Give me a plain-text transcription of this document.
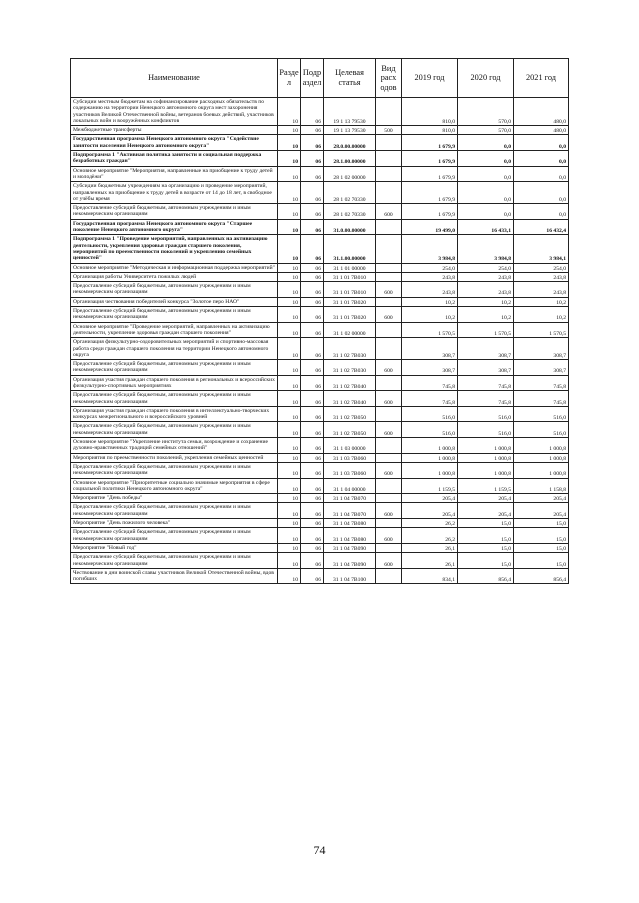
Наименование	Разде л	Подр аздел	Целевая статья	Вид расх одов	2019 год	2020 год	2021 год
Субсидии местным бюджетам на софинансирование расходных обязательств по содержанию на территории Ненецкого автономного округа мест захоронения участников Великой Отечественной войны, ветеранов боевых действий, участников локальных войн и вооружённых конфликтов	10	06	19 1 13 79530		810,0	570,0	480,0
Межбюджетные трансферты	10	06	19 1 13 79530	500	810,0	570,0	480,0
Государственная программа Ненецкого автономного округа "Содействие занятости населения Ненецкого автономного округа"	10	06	28.0.00.00000		1 679,9	0,0	0,0
Подпрограмма 1 "Активная политика занятости и социальная поддержка безработных граждан"	10	06	28.1.00.00000		1 679,9	0,0	0,0
Основное мероприятие "Мероприятия, направленные на приобщение к труду детей и молодёжи"	10	06	28 1 02 00000		1 679,9	0,0	0,0
Субсидии бюджетным учреждениям на организацию и проведение мероприятий, направленных на приобщение к труду детей в возрасте от 14 до 18 лет, в свободное от учёбы время	10	06	28 1 02 70330		1 679,9	0,0	0,0
Предоставление субсидий бюджетным, автономным учреждениям и иным некоммерческим организациям	10	06	28 1 02 70330	600	1 679,9	0,0	0,0
Государственная программа Ненецкого автономного округа "Старшее поколение Ненецкого автономного округа"	10	06	31.0.00.00000		19 499,0	16 433,1	16 432,4
Подпрограмма 1 "Проведение мероприятий, направленных на активизацию деятельности, укрепления здоровья граждан старшего поколения, мероприятий по преемственности поколений и укреплению семейных ценностей"	10	06	31.1.00.00000		3 984,8	3 984,8	3 984,1
Основное мероприятие "Методическая и информационная поддержка мероприятий"	10	06	31 1 01 00000		254,0	254,0	254,0
Организация работы Университета пожилых людей	10	06	31 1 01 7B010		243,8	243,8	243,8
Предоставление субсидий бюджетным, автономным учреждениям и иным некоммерческим организациям	10	06	31 1 01 7B010	600	243,8	243,8	243,8
Организация чествования победителей конкурса "Золотое перо НАО"	10	06	31 1 01 7B020		10,2	10,2	10,2
Предоставление субсидий бюджетным, автономным учреждениям и иным некоммерческим организациям	10	06	31 1 01 7B020	600	10,2	10,2	10,2
Основное мероприятие "Проведение мероприятий, направленных на активизацию деятельности, укрепление здоровья граждан старшего поколения"	10	06	31 1 02 00000		1 570,5	1 570,5	1 570,5
Организация физкультурно-оздоровительных мероприятий и спортивно-массовая работа среди граждан старшего поколения на территории Ненецкого автономного округа	10	06	31 1 02 7B030		308,7	308,7	308,7
Предоставление субсидий бюджетным, автономным учреждениям и иным некоммерческим организациям	10	06	31 1 02 7B030	600	308,7	308,7	308,7
Организация участия граждан старшего поколения в региональных и всероссийских физкультурно-спортивных мероприятиях	10	06	31 1 02 7B040		745,8	745,8	745,8
Предоставление субсидий бюджетным, автономным учреждениям и иным некоммерческим организациям	10	06	31 1 02 7B040	600	745,8	745,8	745,8
Организация участия граждан старшего поколения в интеллектуально-творческих конкурсах межрегионального и всероссийского уровней	10	06	31 1 02 7B050		516,0	516,0	516,0
Предоставление субсидий бюджетным, автономным учреждениям и иным некоммерческим организациям	10	06	31 1 02 7B050	600	516,0	516,0	516,0
Основное мероприятие "Укрепление института семьи, возрождение и сохранение духовно-нравственных традиций семейных отношений"	10	06	31 1 03 00000		1 000,8	1 000,8	1 000,8
Мероприятия по преемственности поколений, укрепления семейных ценностей	10	06	31 1 03 7B060		1 000,8	1 000,8	1 000,8
Предоставление субсидий бюджетным, автономным учреждениям и иным некоммерческим организациям	10	06	31 1 03 7B060	600	1 000,8	1 000,8	1 000,8
Основное мероприятие "Приоритетные социально значимые мероприятия в сфере социальной политики Ненецкого автономного округа"	10	06	31 1 04 00000		1 159,5	1 159,5	1 158,8
Мероприятие "День победы"	10	06	31 1 04 7B070		205,4	205,4	205,4
Предоставление субсидий бюджетным, автономным учреждениям и иным некоммерческим организациям	10	06	31 1 04 7B070	600	205,4	205,4	205,4
Мероприятие "День пожилого человека"	10	06	31 1 04 7B080		26,2	15,0	15,0
Предоставление субсидий бюджетным, автономным учреждениям и иным некоммерческим организациям	10	06	31 1 04 7B080	600	26,2	15,0	15,0
Мероприятие "Новый год"	10	06	31 1 04 7B090		26,1	15,0	15,0
Предоставление субсидий бюджетным, автономным учреждениям и иным некоммерческим организациям	10	06	31 1 04 7B090	600	26,1	15,0	15,0
Чествование в дни воинской славы участников Великой Отечественной войны, вдов погибших	10	06	31 1 04 7B100		834,1	856,4	856,4
74
